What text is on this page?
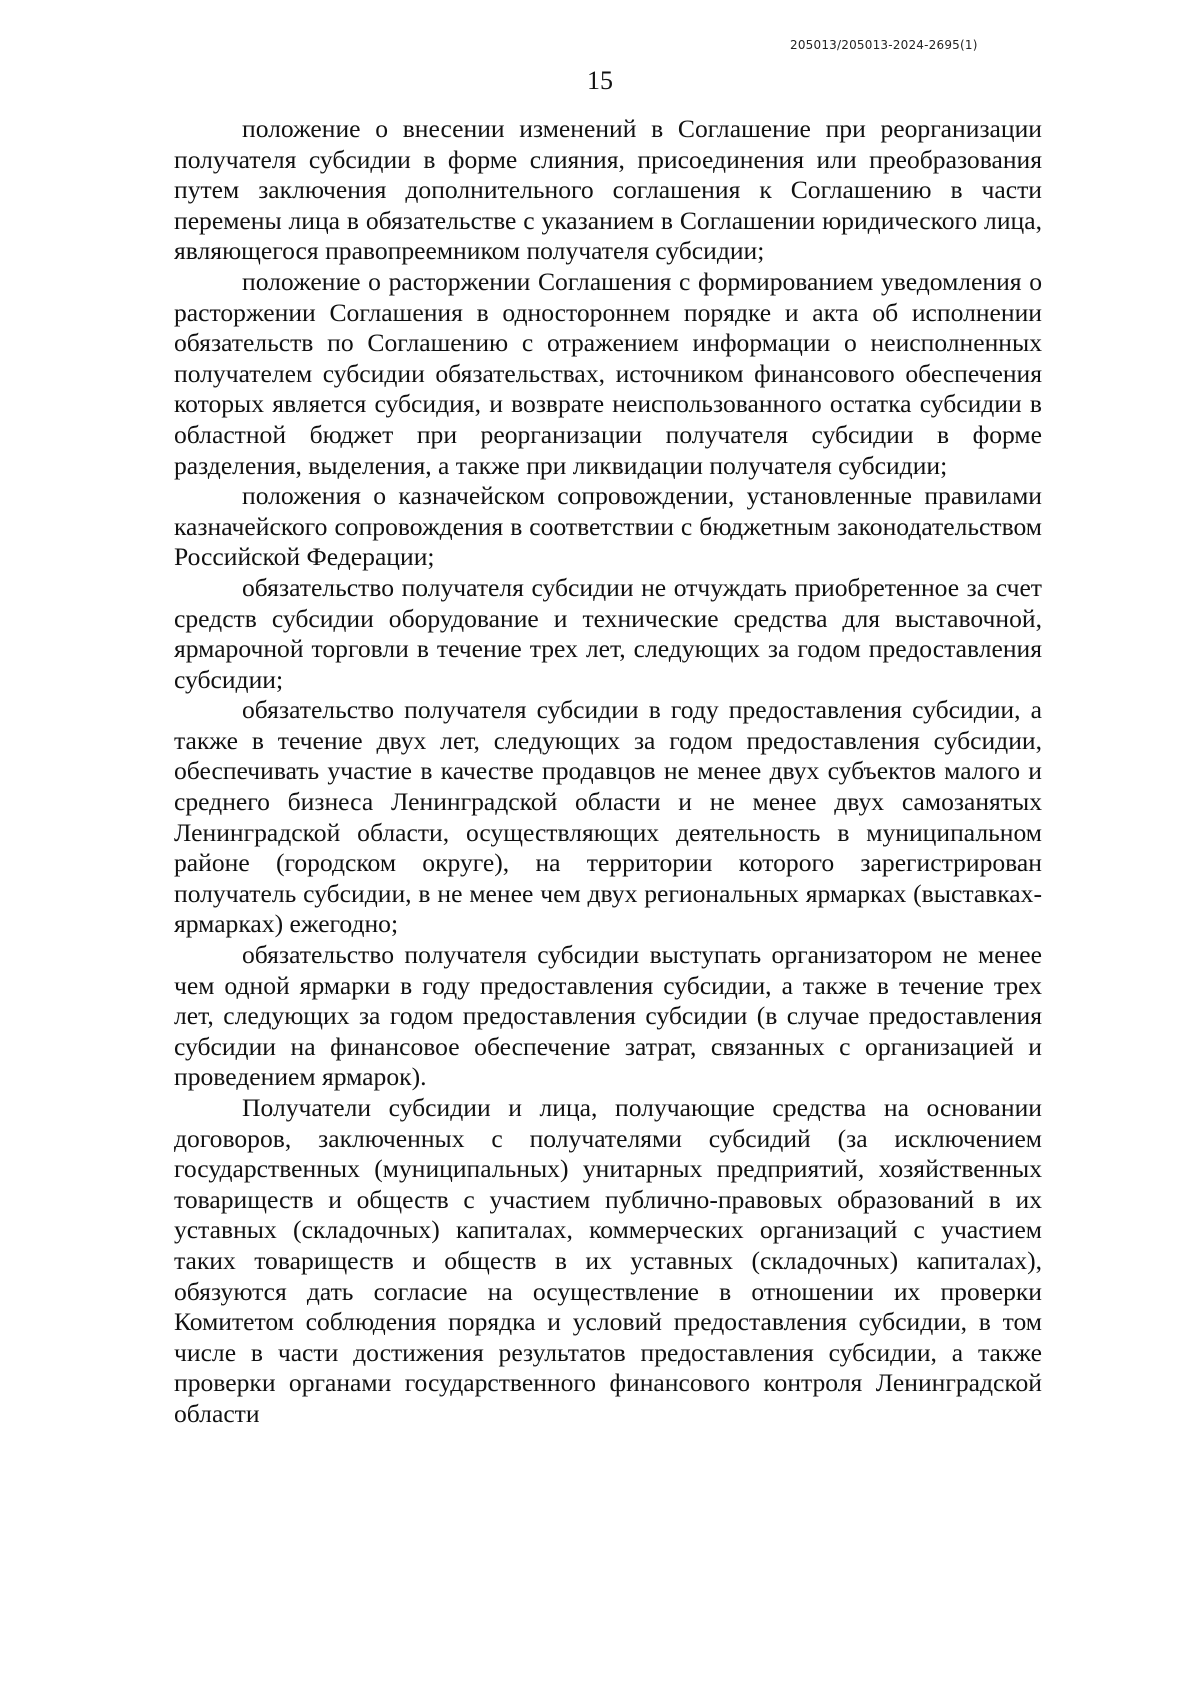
205013/205013-2024-2695(1)
15

положение о внесении изменений в Соглашение при реорганизации получателя субсидии в форме слияния, присоединения или преобразования путем заключения дополнительного соглашения к Соглашению в части перемены лица в обязательстве с указанием в Соглашении юридического лица, являющегося правопреемником получателя субсидии;

положение о расторжении Соглашения с формированием уведомления о расторжении Соглашения в одностороннем порядке и акта об исполнении обязательств по Соглашению с отражением информации о неисполненных получателем субсидии обязательствах, источником финансового обеспечения которых является субсидия, и возврате неиспользованного остатка субсидии в областной бюджет при реорганизации получателя субсидии в форме разделения, выделения, а также при ликвидации получателя субсидии;

положения о казначейском сопровождении, установленные правилами казначейского сопровождения в соответствии с бюджетным законодательством Российской Федерации;

обязательство получателя субсидии не отчуждать приобретенное за счет средств субсидии оборудование и технические средства для выставочной, ярмарочной торговли в течение трех лет, следующих за годом предоставления субсидии;

обязательство получателя субсидии в году предоставления субсидии, а также в течение двух лет, следующих за годом предоставления субсидии, обеспечивать участие в качестве продавцов не менее двух субъектов малого и среднего бизнеса Ленинградской области и не менее двух самозанятых Ленинградской области, осуществляющих деятельность в муниципальном районе (городском округе), на территории которого зарегистрирован получатель субсидии, в не менее чем двух региональных ярмарках (выставках-ярмарках) ежегодно;

обязательство получателя субсидии выступать организатором не менее чем одной ярмарки в году предоставления субсидии, а также в течение трех лет, следующих за годом предоставления субсидии (в случае предоставления субсидии на финансовое обеспечение затрат, связанных с организацией и проведением ярмарок).

Получатели субсидии и лица, получающие средства на основании договоров, заключенных с получателями субсидий (за исключением государственных (муниципальных) унитарных предприятий, хозяйственных товариществ и обществ с участием публично-правовых образований в их уставных (складочных) капиталах, коммерческих организаций с участием таких товариществ и обществ в их уставных (складочных) капиталах), обязуются дать согласие на осуществление в отношении их проверки Комитетом соблюдения порядка и условий предоставления субсидии, в том числе в части достижения результатов предоставления субсидии, а также проверки органами государственного финансового контроля Ленинградской области
